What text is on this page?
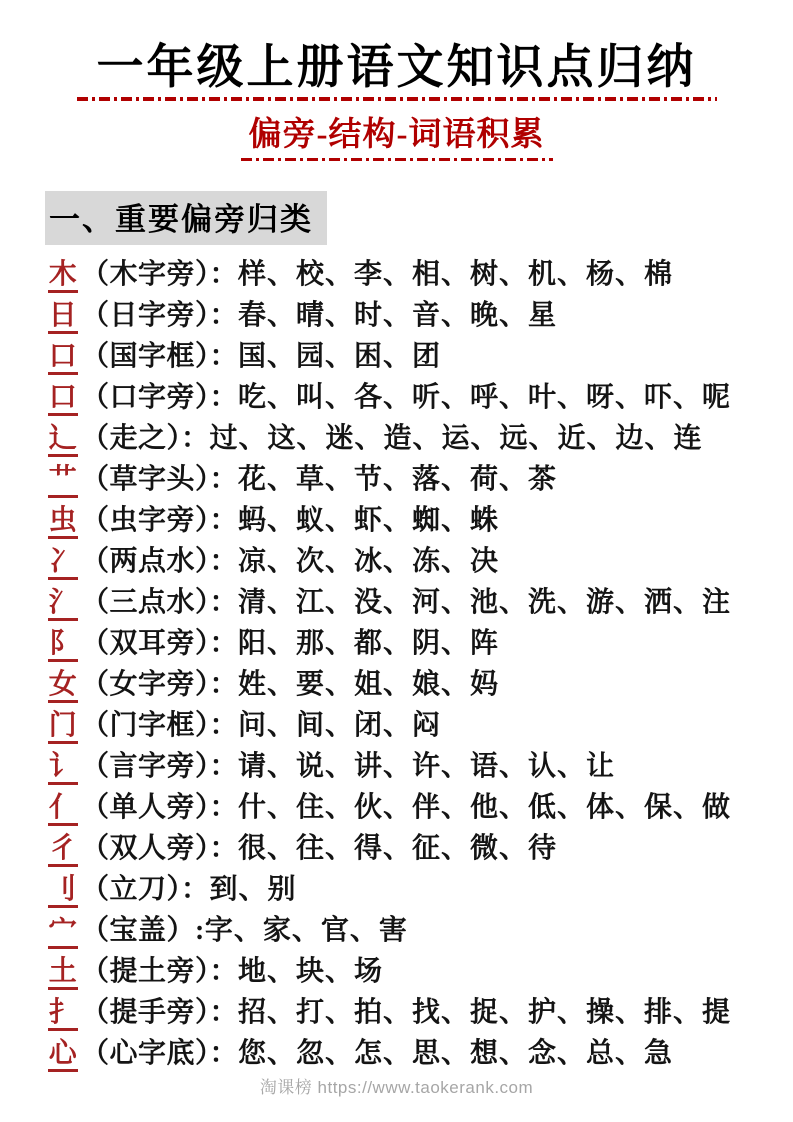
一年级上册语文知识点归纳
偏旁-结构-词语积累
一、重要偏旁归类
木 （木字旁）：样、校、李、相、树、机、杨、棉
日 （日字旁）：春、晴、时、音、晚、星
口 （国字框）：国、园、困、团
口 （口字旁）：吃、叫、各、听、呼、叶、呀、吓、呢
辶 （走之）：过、这、迷、造、运、远、近、边、连
艹 （草字头）：花、草、节、落、荷、茶
虫 （虫字旁）：蚂、蚁、虾、蜘、蛛
冫 （两点水）：凉、次、冰、冻、决
氵 （三点水）：清、江、没、河、池、洗、游、洒、注
阝 （双耳旁）：阳、那、都、阴、阵
女 （女字旁）：姓、要、姐、娘、妈
门 （门字框）：问、间、闭、闷
讠 （言字旁）：请、说、讲、许、语、认、让
亻 （单人旁）：什、住、伙、伴、他、低、体、保、做
彳 （双人旁）：很、往、得、征、微、待
刂 （立刀）：到、别
宀 （宝盖）:字、家、官、害
土 （提土旁）：地、块、场
扌 （提手旁）：招、打、拍、找、捉、护、操、排、提
心 （心字底）：您、忽、怎、思、想、念、总、急
淘课榜 https://www.taokerank.com
